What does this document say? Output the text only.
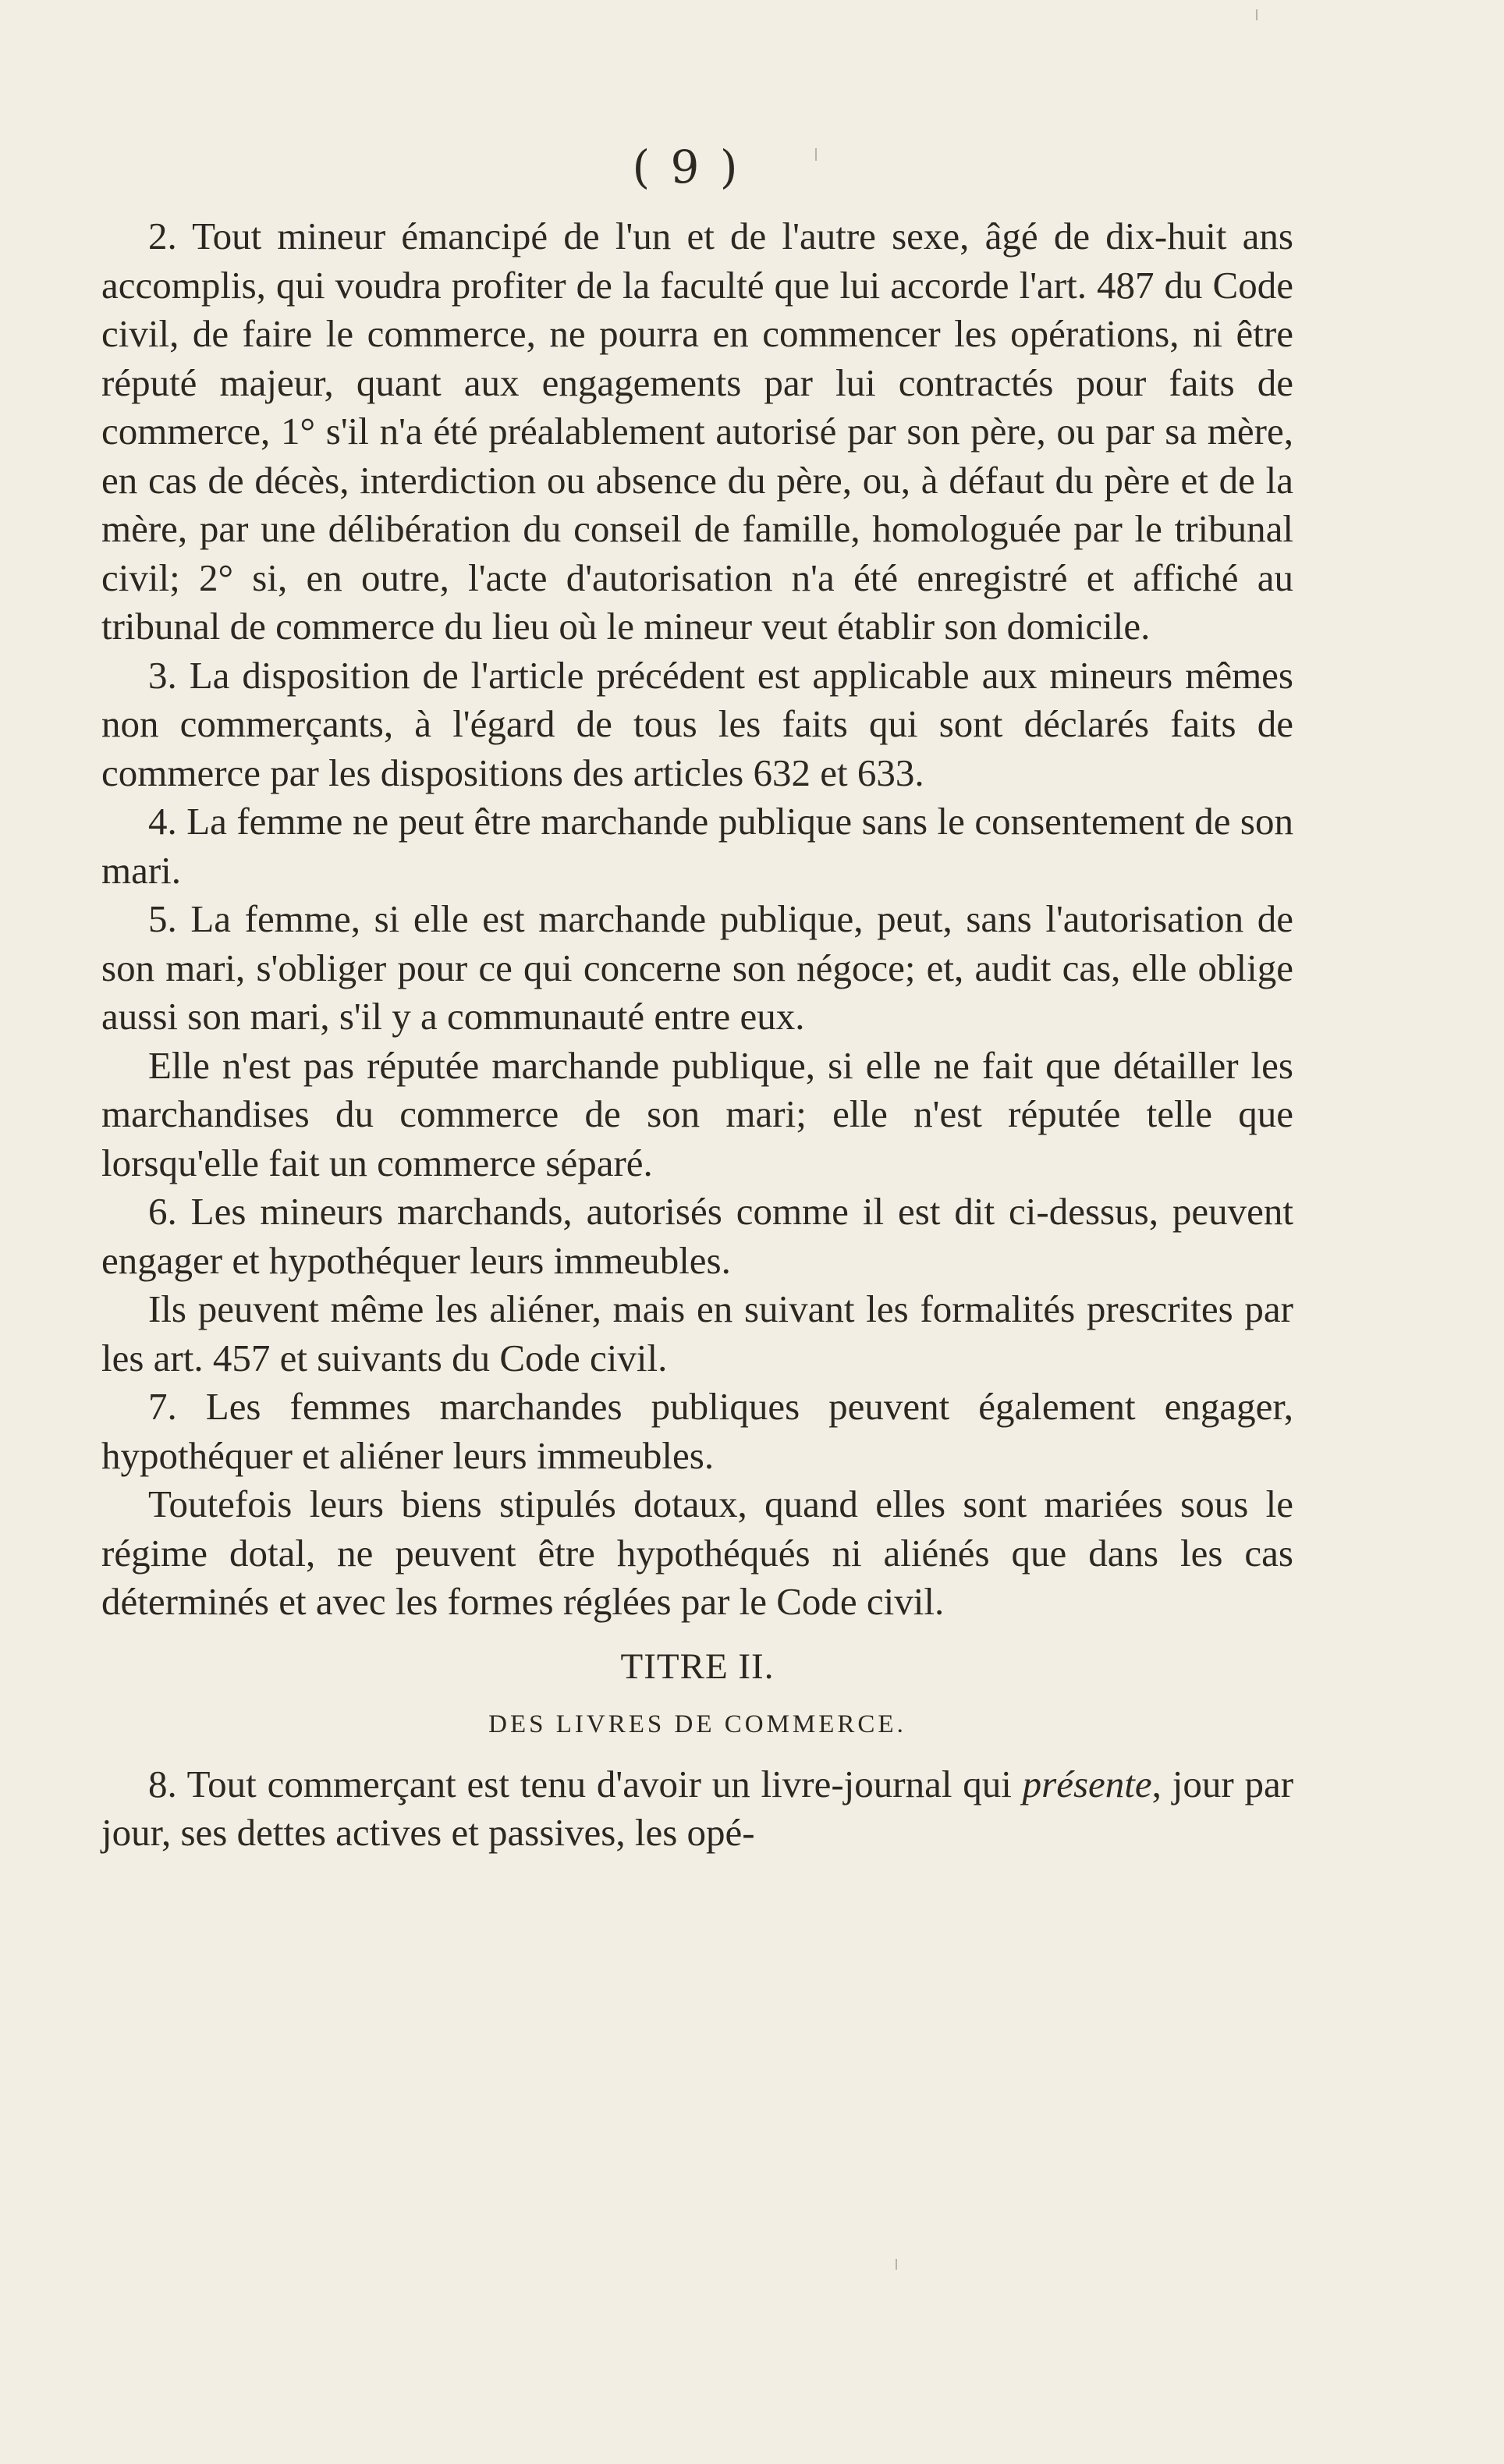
( 9 )

2. Tout mineur émancipé de l'un et de l'autre sexe, âgé de dix-huit ans accomplis, qui voudra profiter de la faculté que lui accorde l'art. 487 du Code civil, de faire le commerce, ne pourra en commencer les opérations, ni être réputé majeur, quant aux engagements par lui contractés pour faits de commerce, 1° s'il n'a été préalablement autorisé par son père, ou par sa mère, en cas de décès, interdiction ou absence du père, ou, à défaut du père et de la mère, par une délibération du conseil de famille, homologuée par le tribunal civil; 2° si, en outre, l'acte d'autorisation n'a été enregistré et affiché au tribunal de commerce du lieu où le mineur veut établir son domicile.

3. La disposition de l'article précédent est applicable aux mineurs mêmes non commerçants, à l'égard de tous les faits qui sont déclarés faits de commerce par les dispositions des articles 632 et 633.

4. La femme ne peut être marchande publique sans le consentement de son mari.

5. La femme, si elle est marchande publique, peut, sans l'autorisation de son mari, s'obliger pour ce qui concerne son négoce; et, audit cas, elle oblige aussi son mari, s'il y a communauté entre eux.

Elle n'est pas réputée marchande publique, si elle ne fait que détailler les marchandises du commerce de son mari; elle n'est réputée telle que lorsqu'elle fait un commerce séparé.

6. Les mineurs marchands, autorisés comme il est dit ci-dessus, peuvent engager et hypothéquer leurs immeubles.

Ils peuvent même les aliéner, mais en suivant les formalités prescrites par les art. 457 et suivants du Code civil.

7. Les femmes marchandes publiques peuvent également engager, hypothéquer et aliéner leurs immeubles.

Toutefois leurs biens stipulés dotaux, quand elles sont mariées sous le régime dotal, ne peuvent être hypothéqués ni aliénés que dans les cas déterminés et avec les formes réglées par le Code civil.

TITRE II.

DES LIVRES DE COMMERCE.

8. Tout commerçant est tenu d'avoir un livre-journal qui présente, jour par jour, ses dettes actives et passives, les opé-
